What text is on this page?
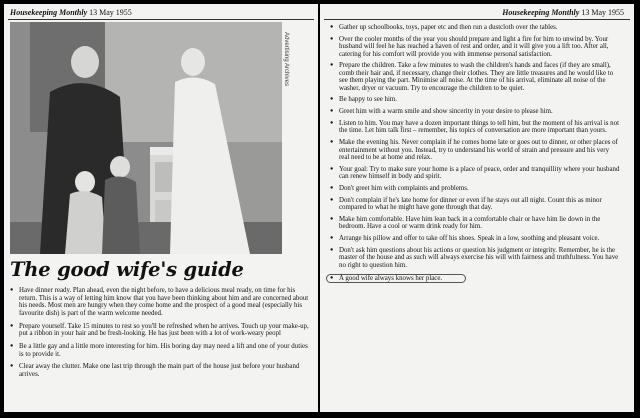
Housekeeping Monthly 13 May 1955
Advertising Archives
The good wife's guide
● Have dinner ready. Plan ahead, even the night before, to have a delicious meal ready, on time for his return. This is a way of letting him know that you have been thinking about him and are concerned about his needs. Most men are hungry when they come home and the prospect of a good meal (especially his favourite dish) is part of the warm welcome needed.
● Prepare yourself. Take 15 minutes to rest so you'll be refreshed when he arrives. Touch up your make-up, put a ribbon in your hair and be fresh-looking. He has just been with a lot of work-weary peopl
● Be a little gay and a little more interesting for him. His boring day may need a lift and one of your duties is to provide it.
● Clear away the clutter. Make one last trip through the main part of the house just before your husband arrives.
Housekeeping Monthly 13 May 1955
● Gather up schoolbooks, toys, paper etc and then run a dustcloth over the tables.
● Over the cooler months of the year you should prepare and light a fire for him to unwind by. Your husband will feel he has reached a haven of rest and order, and it will give you a lift too. After all, catering for his comfort will provide you with immense personal satisfaction.
● Prepare the children. Take a few minutes to wash the children's hands and faces (if they are small), comb their hair and, if necessary, change their clothes. They are little treasures and he would like to see them playing the part. Minimise all noise. At the time of his arrival, eliminate all noise of the washer, dryer or vacuum. Try to encourage the children to be quiet.
● Be happy to see him.
● Greet him with a warm smile and show sincerity in your desire to please him.
● Listen to him. You may have a dozen important things to tell him, but the moment of his arrival is not the time. Let him talk first – remember, his topics of conversation are more important than yours.
● Make the evening his. Never complain if he comes home late or goes out to dinner, or other places of entertainment without you. Instead, try to understand his world of strain and pressure and his very real need to be at home and relax.
● Your goal: Try to make sure your home is a place of peace, order and tranquillity where your husband can renew himself in body and spirit.
● Don't greet him with complaints and problems.
● Don't complain if he's late home for dinner or even if he stays out all night. Count this as minor compared to what he might have gone through that day.
● Make him comfortable. Have him lean back in a comfortable chair or have him lie down in the bedroom. Have a cool or warm drink ready for him.
● Arrange his pillow and offer to take off his shoes. Speak in a low, soothing and pleasant voice.
● Don't ask him questions about his actions or question his judgment or integrity. Remember, he is the master of the house and as such will always exercise his will with fairness and truthfulness. You have no right to question him.
● A good wife always knows her place.
